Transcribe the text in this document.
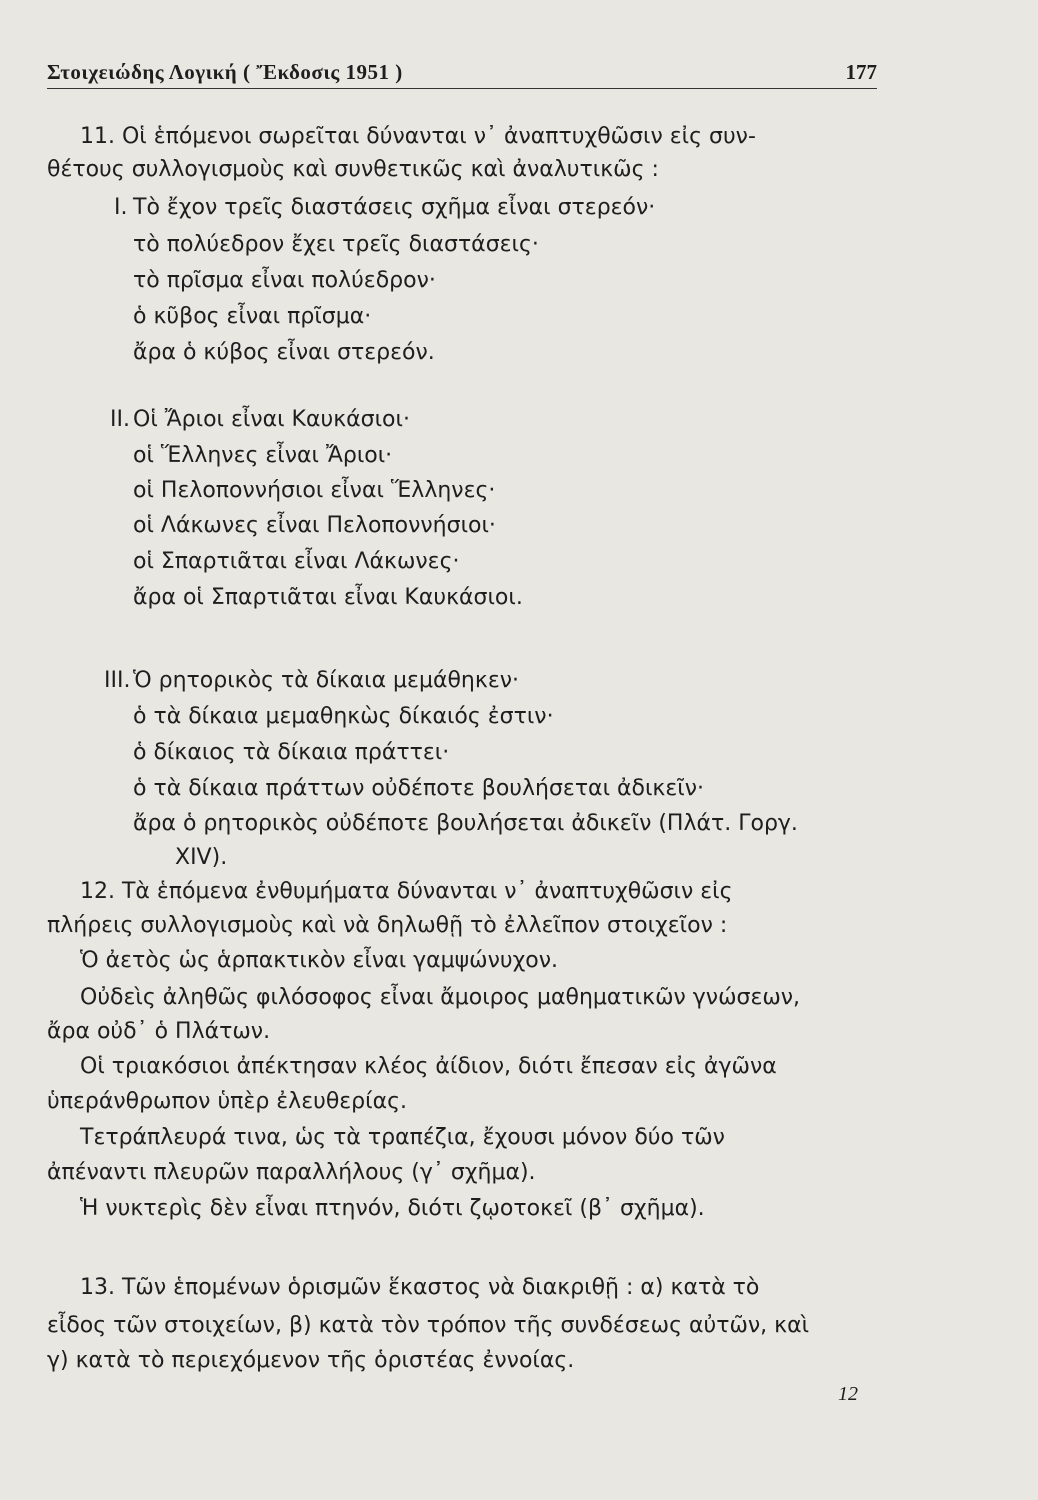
Στοιχειώδης Λογική ( Ἔκδοσις 1951 )	177
11. Οἱ ἑπόμενοι σωρεῖται δύνανται ν᾿ ἀναπτυχθῶσιν εἰς συν-
θέτους συλλογισμοὺς καὶ συνθετικῶς καὶ ἀναλυτικῶς :
I. Τὸ ἔχον τρεῖς διαστάσεις σχῆμα εἶναι στερεόν·
τὸ πολύεδρον ἔχει τρεῖς διαστάσεις·
τὸ πρῖσμα εἶναι πολύεδρον·
ὁ κῦβος εἶναι πρῖσμα·
ἄρα ὁ κύβος εἶναι στερεόν.
II. Οἱ Ἄριοι εἶναι Καυκάσιοι·
οἱ Ἕλληνες εἶναι Ἄριοι·
οἱ Πελοποννήσιοι εἶναι Ἕλληνες·
οἱ Λάκωνες εἶναι Πελοποννήσιοι·
οἱ Σπαρτιᾶται εἶναι Λάκωνες·
ἄρα οἱ Σπαρτιᾶται εἶναι Καυκάσιοι.
III. Ὁ ρητορικὸς τὰ δίκαια μεμάθηκεν·
ὁ τὰ δίκαια μεμαθηκὼς δίκαιός ἐστιν·
ὁ δίκαιος τὰ δίκαια πράττει·
ὁ τὰ δίκαια πράττων οὐδέποτε βουλήσεται ἀδικεῖν·
ἄρα ὁ ρητορικὸς οὐδέποτε βουλήσεται ἀδικεῖν (Πλάτ. Γοργ.
XIV).
12. Τὰ ἑπόμενα ἐνθυμήματα δύνανται ν᾿ ἀναπτυχθῶσιν εἰς
πλήρεις συλλογισμοὺς καὶ νὰ δηλωθῇ τὸ ἐλλεῖπον στοιχεῖον :
Ὁ ἀετὸς ὡς ἁρπακτικὸν εἶναι γαμψώνυχον.
Οὐδεὶς ἀληθῶς φιλόσοφος εἶναι ἄμοιρος μαθηματικῶν γνώσεων,
ἄρα οὐδ᾿ ὁ Πλάτων.
Οἱ τριακόσιοι ἀπέκτησαν κλέος ἀίδιον, διότι ἔπεσαν εἰς ἀγῶνα
ὑπεράνθρωπον ὑπὲρ ἐλευθερίας.
Τετράπλευρά τινα, ὡς τὰ τραπέζια, ἔχουσι μόνον δύο τῶν
ἀπέναντι πλευρῶν παραλλήλους (γ᾿ σχῆμα).
Ἡ νυκτερὶς δὲν εἶναι πτηνόν, διότι ζῳοτοκεῖ (β᾿ σχῆμα).
13. Τῶν ἑπομένων ὁρισμῶν ἕκαστος νὰ διακριθῇ : α) κατὰ τὸ
εἶδος τῶν στοιχείων, β) κατὰ τὸν τρόπον τῆς συνδέσεως αὐτῶν, καὶ
γ) κατὰ τὸ περιεχόμενον τῆς ὁριστέας ἐννοίας.
12
